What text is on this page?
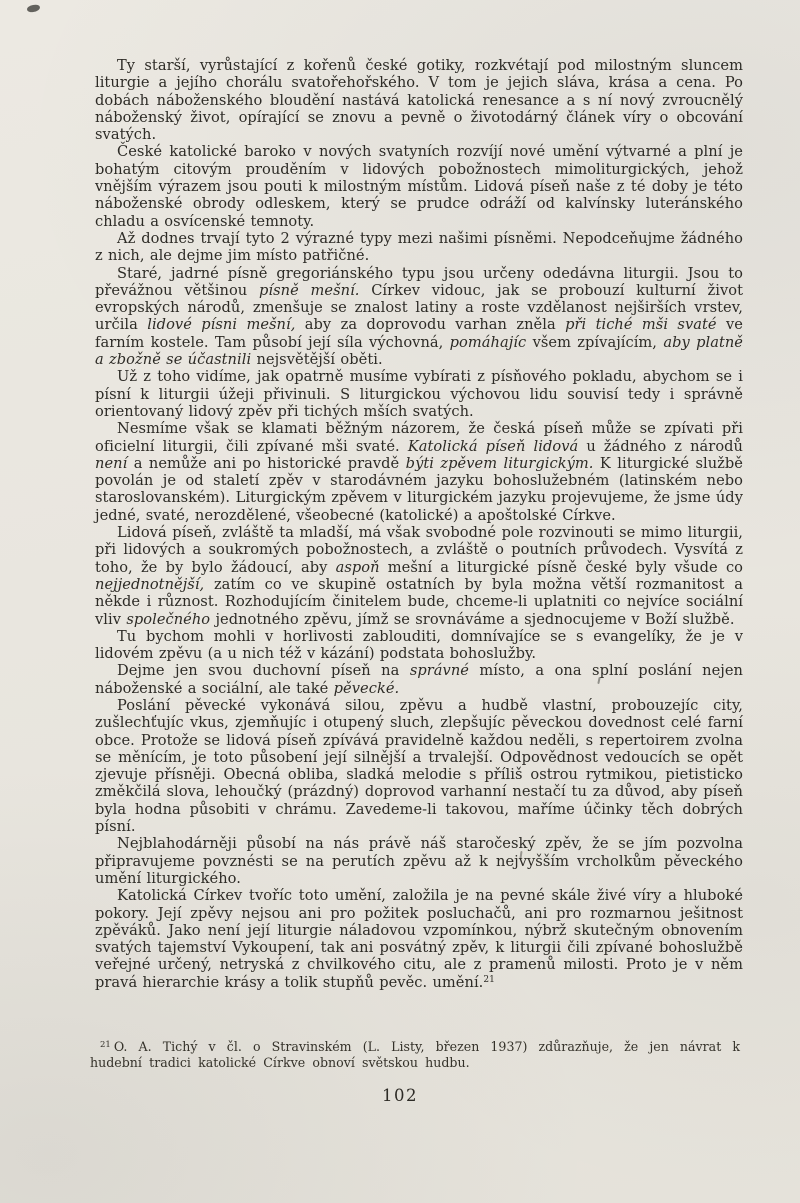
Ty starší, vyrůstající z kořenů české gotiky, rozkvétají pod milostným sluncem liturgie a jejího chorálu svatořehořského. V tom je jejich sláva, krása a cena. Po dobách náboženského bloudění nastává katolická renesance a s ní nový zvroucnělý náboženský život, opírající se znovu a pevně o životodárný článek víry o obcování svatých.

České katolické baroko v nových svatyních rozvíjí nové umění výtvarné a plní je bohatým citovým prouděním v lidových pobožnostech mimoliturgických, jehož vnějším výrazem jsou pouti k milostným místům. Lidová píseň naše z té doby je této náboženské obrody odleskem, který se prudce odráží od kalvínsky luteránského chladu a osvícenské temnoty.

Až dodnes trvají tyto 2 výrazné typy mezi našimi písněmi. Nepodceňujme žádného z nich, ale dejme jim místo patřičné.

Staré, jadrné písně gregoriánského typu jsou určeny odedávna liturgii. Jsou to převážnou většinou písně mešní. Církev vidouc, jak se probouzí kulturní život evropských národů, zmenšuje se znalost latiny a roste vzdělanost nejširších vrstev, určila lidové písni mešní, aby za doprovodu varhan zněla při tiché mši svaté ve farním kostele. Tam působí její síla výchovná, pomáhajíc všem zpívajícím, aby platně a zbožně se účastnili nejsvětější oběti.

Už z toho vidíme, jak opatrně musíme vybírati z písňového pokladu, abychom se i písní k liturgii úžeji přivinuli. S liturgickou výchovou lidu souvisí tedy i správně orientovaný lidový zpěv při tichých mších svatých.

Nesmíme však se klamati běžným názorem, že česká píseň může se zpívati při oficielní liturgii, čili zpívané mši svaté. Katolická píseň lidová u žádného z národů není a nemůže ani po historické pravdě býti zpěvem liturgickým. K liturgické službě povolán je od staletí zpěv v starodávném jazyku bohoslužebném (latinském nebo staroslovanském). Liturgickým zpěvem v liturgickém jazyku projevujeme, že jsme údy jedné, svaté, nerozdělené, všeobecné (katolické) a apoštolské Církve.

Lidová píseň, zvláště ta mladší, má však svobodné pole rozvinouti se mimo liturgii, při lidových a soukromých pobožnostech, a zvláště o poutních průvodech. Vysvítá z toho, že by bylo žádoucí, aby aspoň mešní a liturgické písně české byly všude co nejjednotnější, zatím co ve skupině ostatních by byla možna větší rozmanitost a někde i různost. Rozhodujícím činitelem bude, chceme-li uplatniti co nejvíce sociální vliv společného jednotného zpěvu, jímž se srovnáváme a sjednocujeme v Boží službě.

Tu bychom mohli v horlivosti zablouditi, domnívajíce se s evangelíky, že je v lidovém zpěvu (a u nich též v kázání) podstata bohoslužby.

Dejme jen svou duchovní píseň na správné místo, a ona splní poslání nejen náboženské a sociální, ale také pěvecké.

Poslání pěvecké vykonává silou, zpěvu a hudbě vlastní, probouzejíc city, zušlechťujíc vkus, zjemňujíc i otupený sluch, zlepšujíc pěveckou dovednost celé farní obce. Protože se lidová píseň zpívává pravidelně každou neděli, s repertoirem zvolna se měnícím, je toto působení její silnější a trvalejší. Odpovědnost vedoucích se opět zjevuje přísněji. Obecná obliba, sladká melodie s příliš ostrou rytmikou, pietisticko změkčilá slova, lehoučký (prázdný) doprovod varhanní nestačí tu za důvod, aby píseň byla hodna působiti v chrámu. Zavedeme-li takovou, maříme účinky těch dobrých písní.

Nejblahodárněji působí na nás právě náš staročeský zpěv, že se jím pozvolna připravujeme povznésti se na perutích zpěvu až k nejvyšším vrcholkům pěveckého umění liturgického.

Katolická Církev tvoříc toto umění, založila je na pevné skále živé víry a hluboké pokory. Její zpěvy nejsou ani pro požitek posluchačů, ani pro rozmarnou ješitnost zpěváků. Jako není její liturgie náladovou vzpomínkou, nýbrž skutečným obnovením svatých tajemství Vykoupení, tak ani posvátný zpěv, k liturgii čili zpívané bohoslužbě veřejné určený, netryská z chvilkového citu, ale z pramenů milosti. Proto je v něm pravá hierarchie krásy a tolik stupňů pevěc. umění.$^{21}$

$^{21}$ O. A. Tichý v čl. o Stravinském (L. Listy, březen 1937) zdůrazňuje, že jen návrat k hudební tradici katolické Církve obnoví světskou hudbu.

102
